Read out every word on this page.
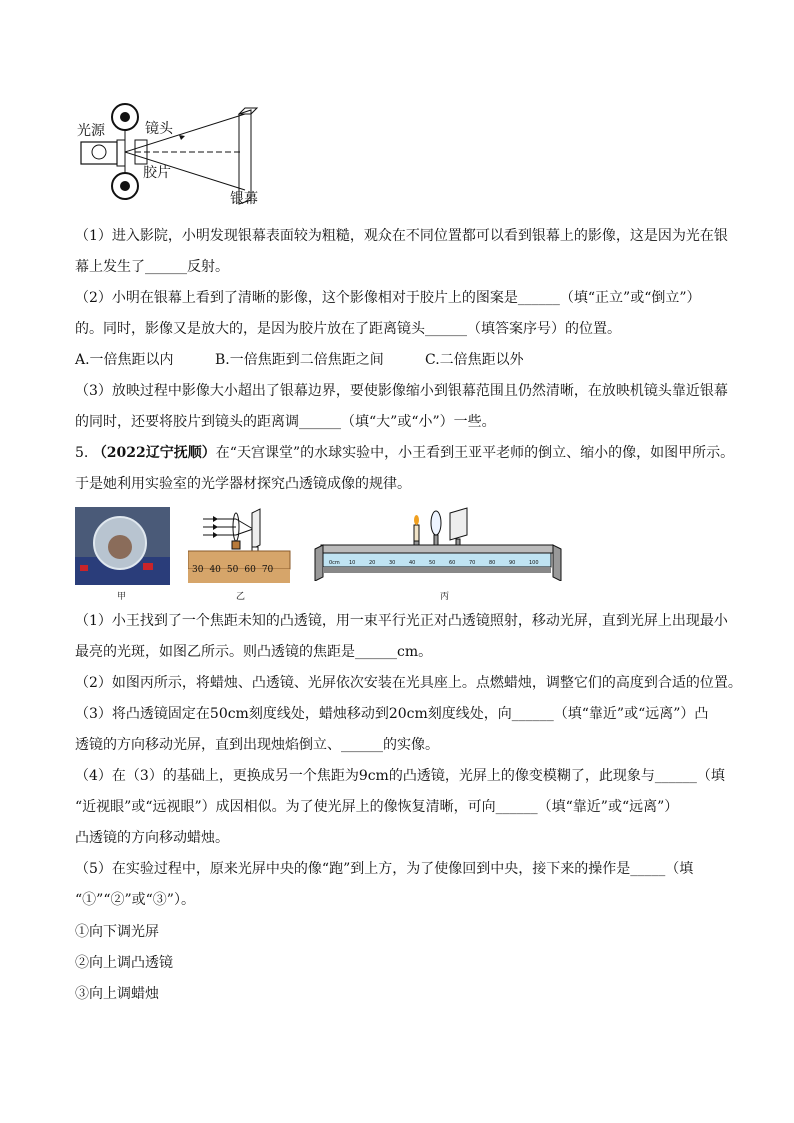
光源	镜头
胶片
银幕
（1）进入影院，小明发现银幕表面较为粗糙，观众在不同位置都可以看到银幕上的影像，这是因为光在银
幕上发生了______反射。
（2）小明在银幕上看到了清晰的影像，这个影像相对于胶片上的图案是______（填“正立”或“倒立”）
的。同时，影像又是放大的，是因为胶片放在了距离镜头______（填答案序号）的位置。
A.一倍焦距以内	B.一倍焦距到二倍焦距之间	C.二倍焦距以外
（3）放映过程中影像大小超出了银幕边界，要使影像缩小到银幕范围且仍然清晰，在放映机镜头靠近银幕
的同时，还要将胶片到镜头的距离调______（填“大”或“小”）一些。
5. （2022辽宁抚顺）在“天宫课堂”的水球实验中，小王看到王亚平老师的倒立、缩小的像，如图甲所示。
于是她利用实验室的光学器材探究凸透镜成像的规律。
甲
30 40 50 60 70
乙
0cm 10	20	30	40	50	60	70	80	90	100
丙
（1）小王找到了一个焦距未知的凸透镜，用一束平行光正对凸透镜照射，移动光屏，直到光屏上出现最小
最亮的光斑，如图乙所示。则凸透镜的焦距是______cm。
（2）如图丙所示，将蜡烛、凸透镜、光屏依次安装在光具座上。点燃蜡烛，调整它们的高度到合适的位置。
（3）将凸透镜固定在50cm刻度线处，蜡烛移动到20cm刻度线处，向______（填“靠近”或“远离”）凸
透镜的方向移动光屏，直到出现烛焰倒立、______的实像。
（4）在（3）的基础上，更换成另一个焦距为9cm的凸透镜，光屏上的像变模糊了，此现象与______（填
“近视眼”或“远视眼”）成因相似。为了使光屏上的像恢复清晰，可向______（填“靠近”或“远离”）
凸透镜的方向移动蜡烛。
（5）在实验过程中，原来光屏中央的像“跑”到上方，为了使像回到中央，接下来的操作是_____（填
“①”“②”或“③”）。
①向下调光屏
②向上调凸透镜
③向上调蜡烛
